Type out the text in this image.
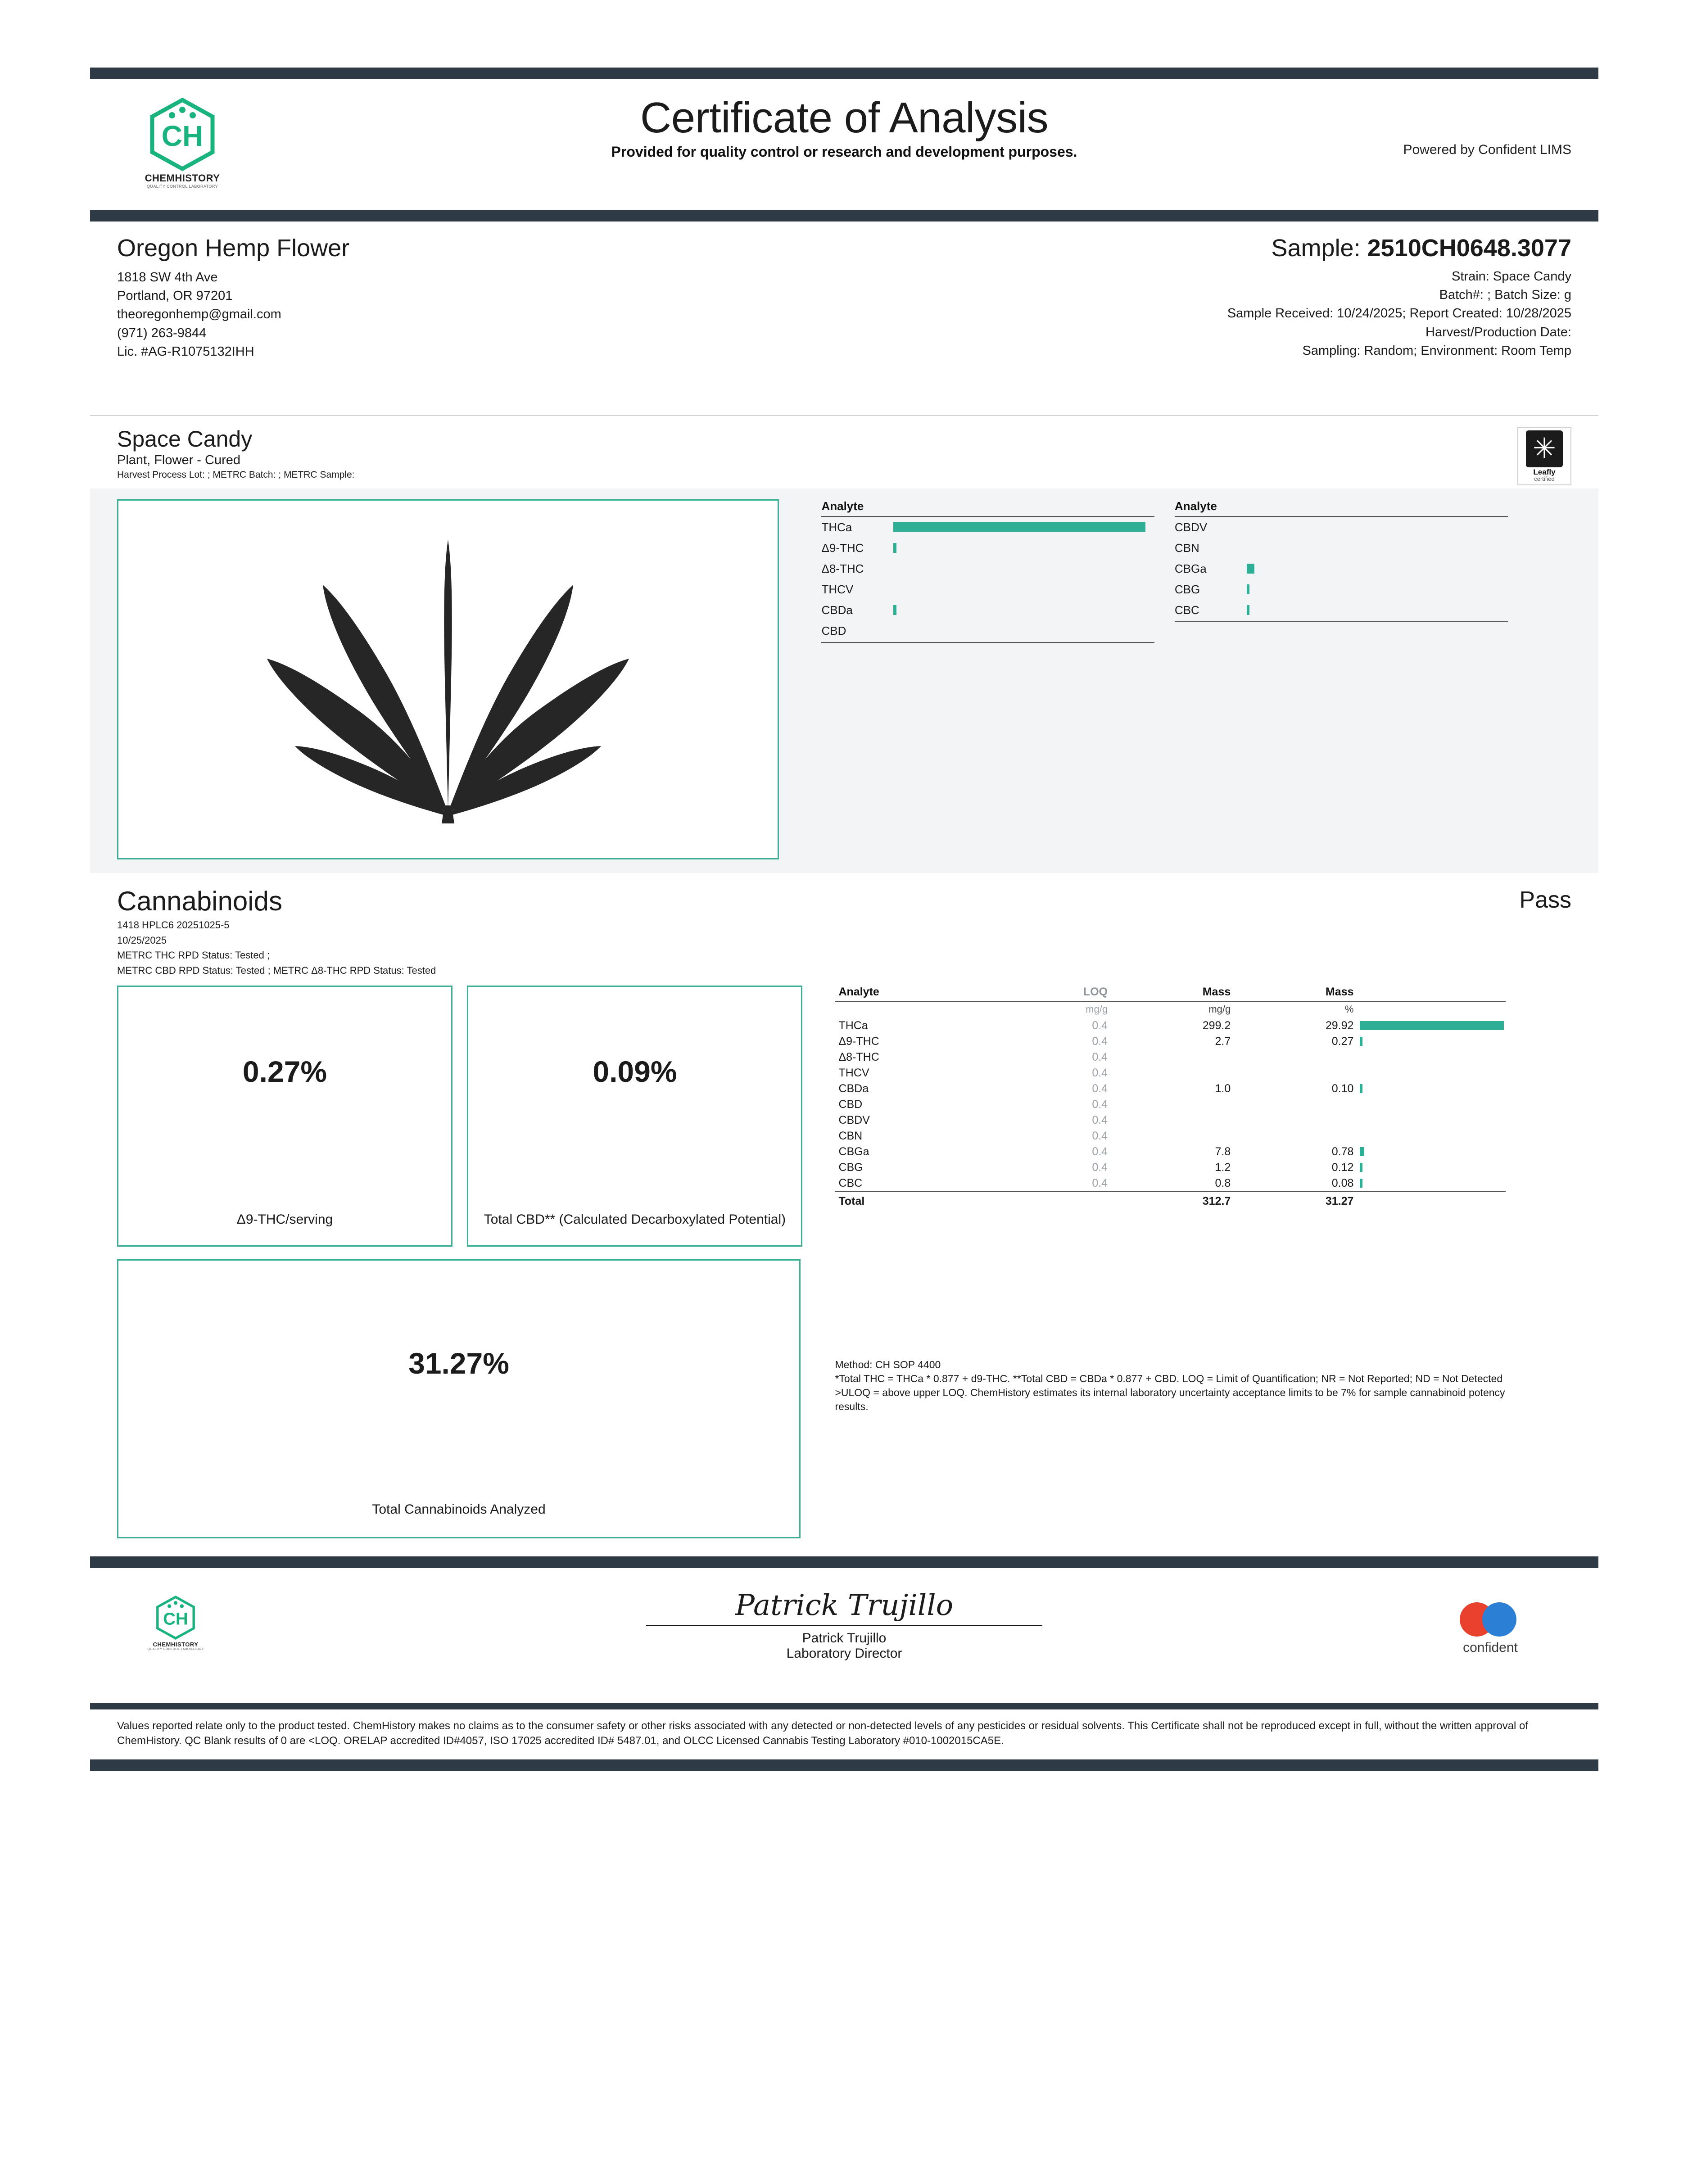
CH
CHEMHISTORY
QUALITY CONTROL LABORATORY
Certificate of Analysis
Provided for quality control or research and development purposes.	Powered by Confident LIMS
Oregon Hemp Flower
1818 SW 4th Ave
Portland, OR 97201
theoregonhemp@gmail.com
(971) 263-9844
Lic. #AG-R1075132IHH
Sample: 2510CH0648.3077
Strain: Space Candy
Batch#: ; Batch Size: g
Sample Received: 10/24/2025; Report Created: 10/28/2025
Harvest/Production Date:
Sampling: Random; Environment: Room Temp
Space Candy
Plant, Flower - Cured
Harvest Process Lot: ; METRC Batch: ; METRC Sample:
✳	Leafly
certified

Analyte
THCa
Δ9-THC
Δ8-THC
THCV
CBDa
CBD

Analyte
CBDV
CBN
CBGa
CBG
CBC
Cannabinoids	Pass
1418 HPLC6 20251025-5
10/25/2025
METRC THC RPD Status: Tested ;
METRC CBD RPD Status: Tested ; METRC Δ8-THC RPD Status: Tested
0.27%
Δ9-THC/serving

0.09%
Total CBD** (Calculated Decarboxylated Potential)

31.27%
Total Cannabinoids Analyzed

Analyte	LOQ	Mass	Mass	
	mg/g	mg/g	%	
THCa	0.4	299.2	29.92	

Δ9-THC	0.4	2.7	0.27	

Δ8-THC	0.4			
THCV	0.4			
CBDa	0.4	1.0	0.10	

CBD	0.4			
CBDV	0.4			
CBN	0.4			
CBGa	0.4	7.8	0.78	

CBG	0.4	1.2	0.12	

CBC	0.4	0.8	0.08	

Total		312.7	31.27	
Method: CH SOP 4400
*Total THC = THCa * 0.877 + d9-THC. **Total CBD = CBDa * 0.877 + CBD. LOQ = Limit of Quantification; NR = Not Reported; ND = Not Detected
>ULOQ = above upper LOQ. ChemHistory estimates its internal laboratory uncertainty acceptance limits to be 7% for sample cannabinoid potency results.
CH
CHEMHISTORY
QUALITY CONTROL LABORATORY
Patrick Trujillo
Patrick Trujillo
Laboratory Director	confident
Values reported relate only to the product tested. ChemHistory makes no claims as to the consumer safety or other risks associated with any detected or non-detected levels of any pesticides or residual solvents. This Certificate shall not be reproduced except in full, without the written approval of ChemHistory. QC Blank results of 0 are <LOQ. ORELAP accredited ID#4057, ISO 17025 accredited ID# 5487.01, and OLCC Licensed Cannabis Testing Laboratory #010-1002015CA5E.
